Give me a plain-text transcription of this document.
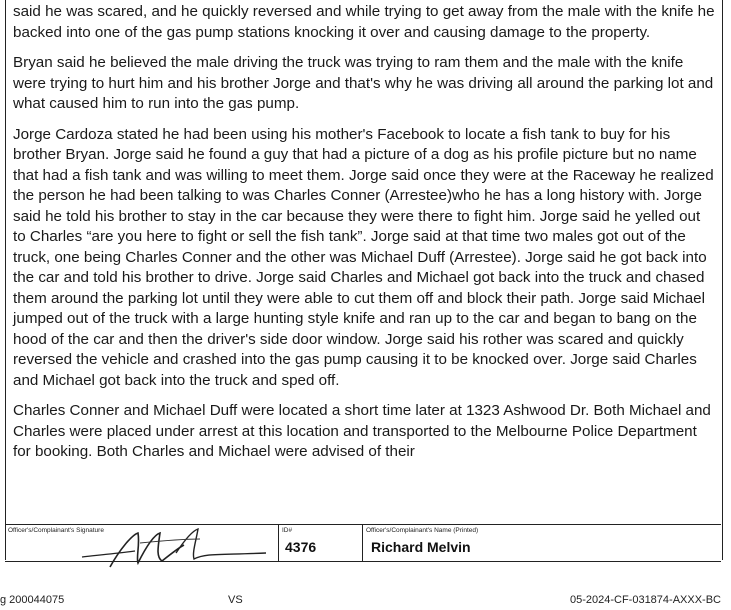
said he was scared, and he quickly reversed and while trying to get away from the male with the knife he backed into one of the gas pump stations knocking it over and causing damage to the property.

Bryan said he believed the male driving the truck was trying to ram them and the male with the knife were trying to hurt him and his brother Jorge and that's why he was driving all around the parking lot and what caused him to run into the gas pump.

Jorge Cardoza stated he had been using his mother's Facebook to locate a fish tank to buy for his brother Bryan. Jorge said he found a guy that had a picture of a dog as his profile picture but no name that had a fish tank and was willing to meet them. Jorge said once they were at the Raceway he realized the person he had been talking to was Charles Conner (Arrestee)who he has a long history with. Jorge said he told his brother to stay in the car because they were there to fight him. Jorge said he yelled out to Charles “are you here to fight or sell the fish tank”. Jorge said at that time two males got out of the truck, one being Charles Conner and the other was Michael Duff (Arrestee). Jorge said he got back into the car and told his brother to drive. Jorge said Charles and Michael got back into the truck and chased them around the parking lot until they were able to cut them off and block their path. Jorge said Michael jumped out of the truck with a large hunting style knife and ran up to the car and began to bang on the hood of the car and then the driver's side door window. Jorge said his rother was scared and quickly reversed the vehicle and crashed into the gas pump causing it to be knocked over. Jorge said Charles and Michael got back into the truck and sped off.

Charles Conner and Michael Duff were located a short time later at 1323 Ashwood Dr. Both Michael and Charles were placed under arrest at this location and transported to the Melbourne Police Department for booking. Both Charles and Michael were advised of their

Officer's/Complainant's Signature	ID#
4376
Officer's/Complainant's Name (Printed)
Richard Melvin
g 200044075	VS	05-2024-CF-031874-AXXX-BC
